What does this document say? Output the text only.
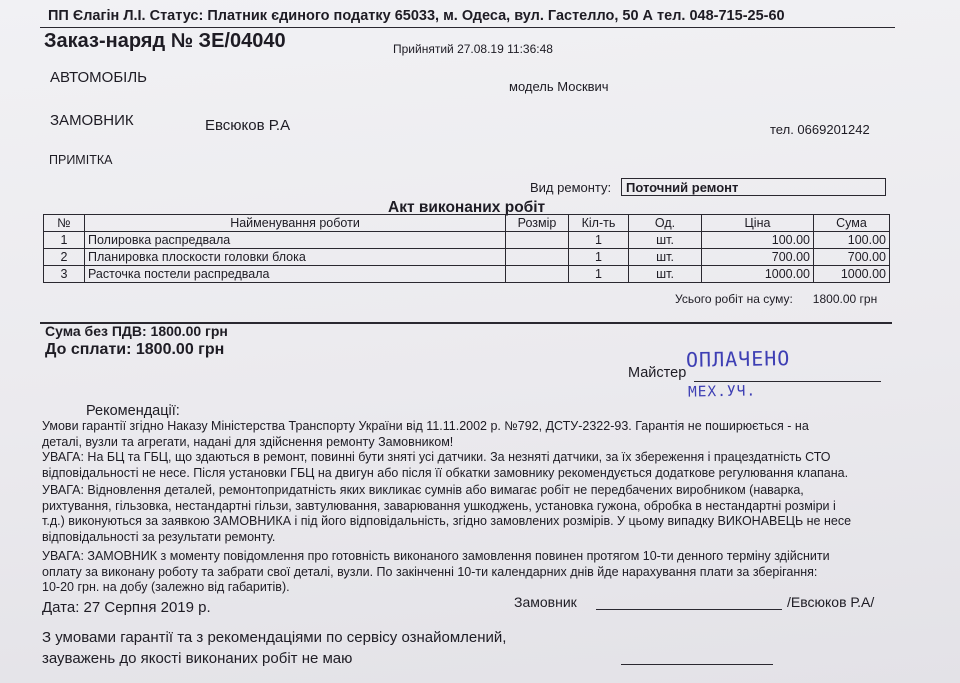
ПП Єлагін Л.І. Статус: Платник єдиного податку 65033, м. Одеса, вул. Гастелло, 50 А тел. 048-715-25-60
Заказ-наряд № ЗЕ/04040	Прийнятий 27.08.19 11:36:48
АВТОМОБІЛЬ
модель Москвич
ЗАМОВНИК	Евсюков Р.А	тел. 0669201242
ПРИМІТКА
Вид ремонту:	Поточний ремонт
Акт виконаних робіт
№	Найменування роботи	Розмір	Кіл-ть	Од.	Ціна	Сума
1	Полировка распредвала		1	шт.	100.00	100.00
2	Планировка плоскости головки блока		1	шт.	700.00	700.00
3	Расточка постели распредвала		1	шт.	1000.00	1000.00
Усього робіт на суму:      1800.00 грн
Сума без ПДВ: 1800.00 грн
До сплати: 1800.00 грн	ОПЛАЧЕНО
Майстер
МЕХ.УЧ.
Рекомендації:
Умови гарантії згідно Наказу Міністерства Транспорту України від 11.11.2002 р. №792, ДСТУ-2322-93. Гарантія не поширюється - на
деталі, вузли та агрегати, надані для здійснення ремонту Замовником!
УВАГА: На БЦ та ГБЦ, що здаються в ремонт, повинні бути зняті усі датчики. За незняті датчики, за їх збереження і працездатність СТО
відповідальності не несе. Після установки ГБЦ на двигун або після її обкатки замовнику рекомендується додаткове регулювання клапана.
УВАГА: Відновлення деталей, ремонтопридатність яких викликає сумнів або вимагає робіт не передбачених виробником (наварка,
рихтування, гільзовка, нестандартні гільзи, завтулювання, заварювання ушкоджень, установка гужона, обробка в нестандартні розміри і
т.д.) виконуються за заявкою ЗАМОВНИКА і під його відповідальність, згідно замовлених розмірів. У цьому випадку ВИКОНАВЕЦЬ не несе
відповідальності за результати ремонту.
УВАГА: ЗАМОВНИК з моменту повідомлення про готовність виконаного замовлення повинен протягом 10-ти денного терміну здійснити
оплату за виконану роботу та забрати свої деталі, вузли. По закінченні 10-ти календарних днів йде нарахування плати за зберігання:
10-20 грн. на добу (залежно від габаритів).
Дата: 27 Серпня 2019 р.	Замовник	/Евсюков Р.А/
З умовами гарантії та з рекомендаціями по сервісу ознайомлений,
зауважень до якості виконаних робіт не маю
